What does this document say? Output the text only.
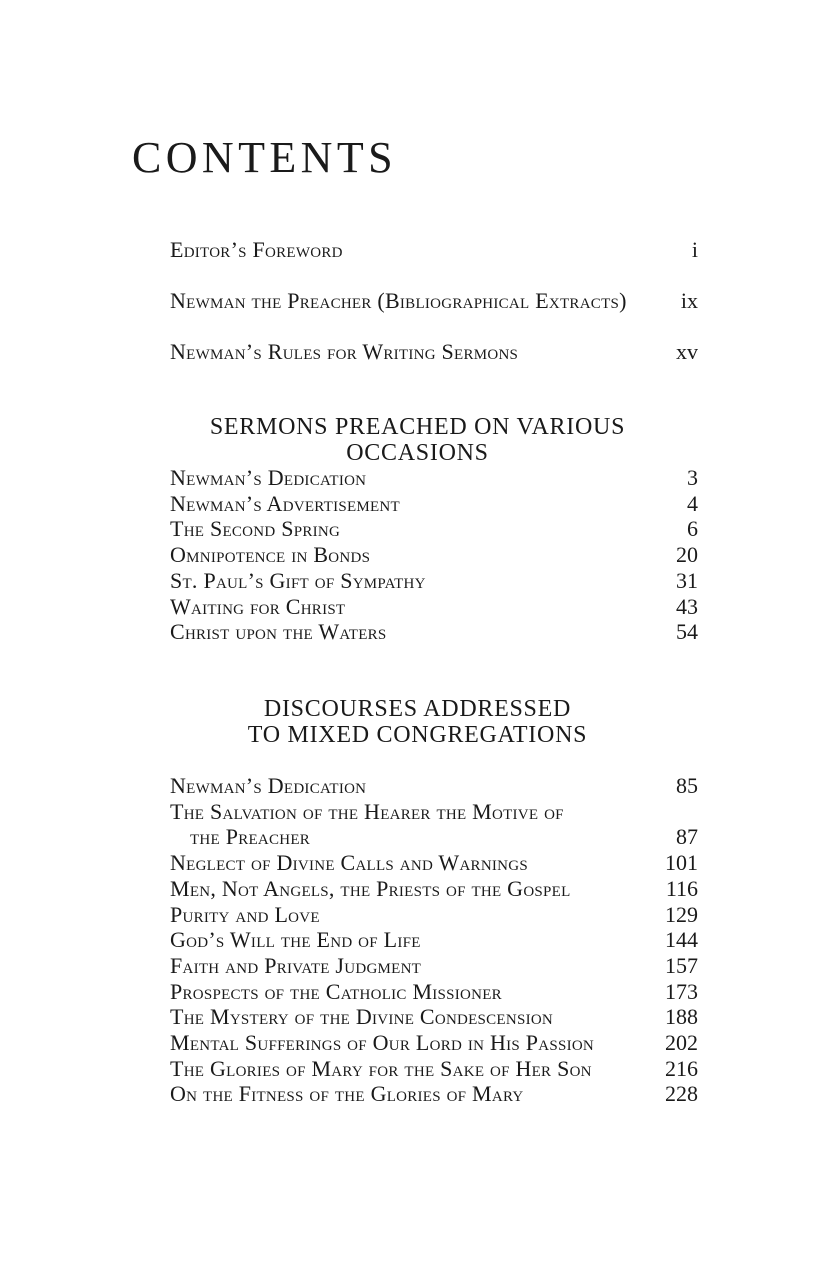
CONTENTS
Editor’s Foreword	i
Newman the Preacher (Bibliographical Extracts)	ix
Newman’s Rules for Writing Sermons	xv
SERMONS PREACHED ON VARIOUS OCCASIONS
Newman’s Dedication	3
Newman’s Advertisement	4
The Second Spring	6
Omnipotence in Bonds	20
St. Paul’s Gift of Sympathy	31
Waiting for Christ	43
Christ upon the Waters	54
DISCOURSES ADDRESSED
TO MIXED CONGREGATIONS
Newman’s Dedication	85
The Salvation of the Hearer the Motive of
the Preacher	87
Neglect of Divine Calls and Warnings	101
Men, Not Angels, the Priests of the Gospel	116
Purity and Love	129
God’s Will the End of Life	144
Faith and Private Judgment	157
Prospects of the Catholic Missioner	173
The Mystery of the Divine Condescension	188
Mental Sufferings of Our Lord in His Passion	202
The Glories of Mary for the Sake of Her Son	216
On the Fitness of the Glories of Mary	228
